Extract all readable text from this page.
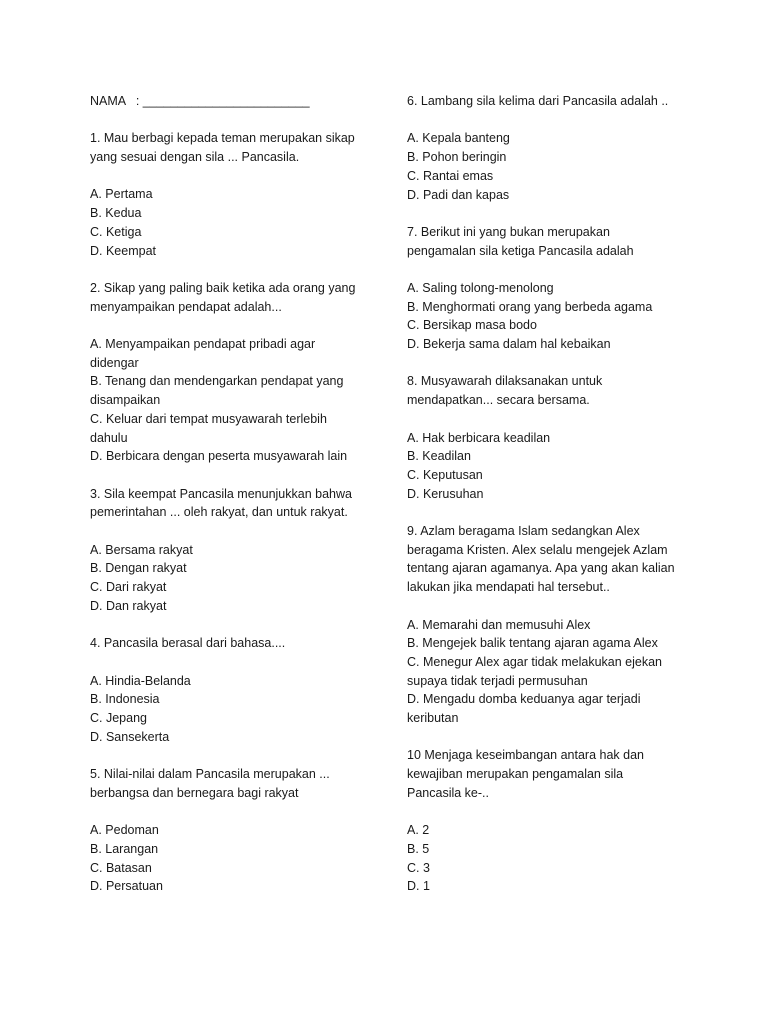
NAMA   : ________________________
1. Mau berbagi kepada teman merupakan sikap
yang sesuai dengan sila ... Pancasila.
A. Pertama
B. Kedua
C. Ketiga
D. Keempat
2. Sikap yang paling baik ketika ada orang yang
menyampaikan pendapat adalah...
A. Menyampaikan pendapat pribadi agar
didengar
B. Tenang dan mendengarkan pendapat yang
disampaikan
C. Keluar dari tempat musyawarah terlebih
dahulu
D. Berbicara dengan peserta musyawarah lain
3. Sila keempat Pancasila menunjukkan bahwa
pemerintahan ... oleh rakyat, dan untuk rakyat.
A. Bersama rakyat
B. Dengan rakyat
C. Dari rakyat
D. Dan rakyat
4. Pancasila berasal dari bahasa....
A. Hindia-Belanda
B. Indonesia
C. Jepang
D. Sansekerta
5. Nilai-nilai dalam Pancasila merupakan ...
berbangsa dan bernegara bagi rakyat
A. Pedoman
B. Larangan
C. Batasan
D. Persatuan
6. Lambang sila kelima dari Pancasila adalah ..
A. Kepala banteng
B. Pohon beringin
C. Rantai emas
D. Padi dan kapas
7. Berikut ini yang bukan merupakan
pengamalan sila ketiga Pancasila adalah
A. Saling tolong-menolong
B. Menghormati orang yang berbeda agama
C. Bersikap masa bodo
D. Bekerja sama dalam hal kebaikan
8. Musyawarah dilaksanakan untuk
mendapatkan... secara bersama.
A. Hak berbicara keadilan
B. Keadilan
C. Keputusan
D. Kerusuhan
9. Azlam beragama Islam sedangkan Alex
beragama Kristen. Alex selalu mengejek Azlam
tentang ajaran agamanya. Apa yang akan kalian
lakukan jika mendapati hal tersebut..
A. Memarahi dan memusuhi Alex
B. Mengejek balik tentang ajaran agama Alex
C. Menegur Alex agar tidak melakukan ejekan
supaya tidak terjadi permusuhan
D. Mengadu domba keduanya agar terjadi
keributan
10 Menjaga keseimbangan antara hak dan
kewajiban merupakan pengamalan sila
Pancasila ke-..
A. 2
B. 5
C. 3
D. 1
